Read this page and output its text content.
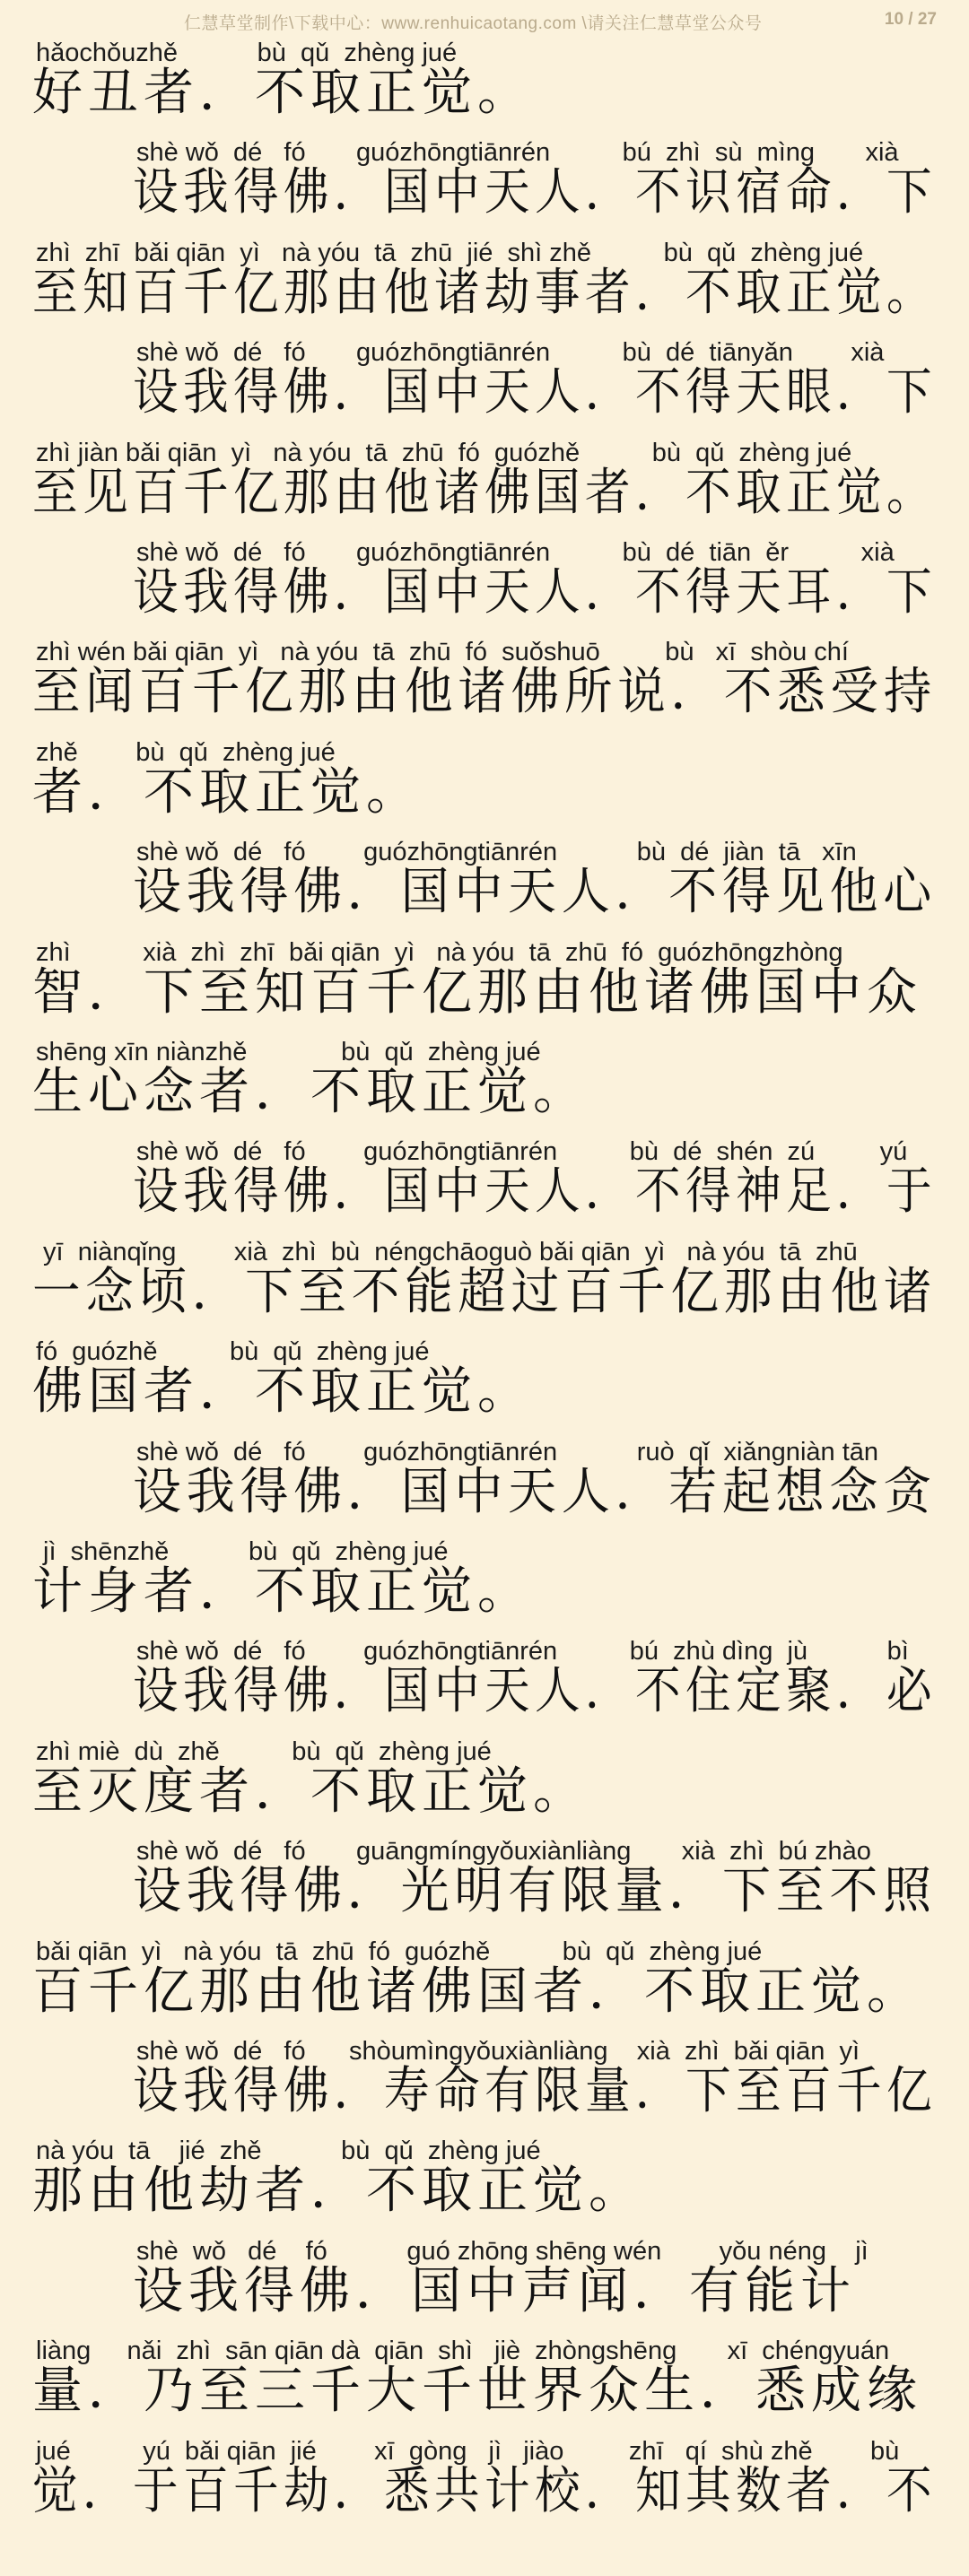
仁慧草堂制作\下载中心：www.renhuicaotang.com \请关注仁慧草堂公众号	10 / 27
hǎochǒuzhě           bù  qǔ  zhèng jué
好丑者．不取正觉。
shè wǒ  dé   fó       guózhōngtiānrén          bú  zhì  sù  mìng       xià
设我得佛．国中天人．不识宿命．下
zhì  zhī  bǎi qiān  yì   nà yóu  tā  zhū  jié  shì zhě          bù  qǔ  zhèng jué
至知百千亿那由他诸劫事者．不取正觉。
shè wǒ  dé   fó       guózhōngtiānrén          bù  dé  tiānyǎn        xià
设我得佛．国中天人．不得天眼．下
zhì jiàn bǎi qiān  yì   nà yóu  tā  zhū  fó  guózhě          bù  qǔ  zhèng jué
至见百千亿那由他诸佛国者．不取正觉。
shè wǒ  dé   fó       guózhōngtiānrén          bù  dé  tiān  ěr          xià
设我得佛．国中天人．不得天耳．下
zhì wén bǎi qiān  yì   nà yóu  tā  zhū  fó  suǒshuō         bù   xī  shòu chí
至闻百千亿那由他诸佛所说．不悉受持
zhě        bù  qǔ  zhèng jué
者．不取正觉。
shè wǒ  dé   fó        guózhōngtiānrén           bù  dé  jiàn  tā   xīn
设我得佛．国中天人．不得见他心
zhì          xià  zhì  zhī  bǎi qiān  yì   nà yóu  tā  zhū  fó  guózhōngzhòng
智．下至知百千亿那由他诸佛国中众
shēng xīn niànzhě             bù  qǔ  zhèng jué
生心念者．不取正觉。
shè wǒ  dé   fó        guózhōngtiānrén          bù  dé  shén  zú         yú
设我得佛．国中天人．不得神足．于
yī  niànqǐng        xià  zhì  bù  néngchāoguò bǎi qiān  yì   nà yóu  tā  zhū
一念顷．下至不能超过百千亿那由他诸
fó  guózhě          bù  qǔ  zhèng jué
佛国者．不取正觉。
shè wǒ  dé   fó        guózhōngtiānrén           ruò  qǐ  xiǎngniàn tān
设我得佛．国中天人．若起想念贪
jì  shēnzhě           bù  qǔ  zhèng jué
计身者．不取正觉。
shè wǒ  dé   fó        guózhōngtiānrén          bú  zhù dìng  jù           bì
设我得佛．国中天人．不住定聚．必
zhì miè  dù  zhě          bù  qǔ  zhèng jué
至灭度者．不取正觉。
shè wǒ  dé   fó       guāngmíngyǒuxiànliàng       xià  zhì  bú zhào
设我得佛．光明有限量．下至不照
bǎi qiān  yì   nà yóu  tā  zhū  fó  guózhě          bù  qǔ  zhèng jué
百千亿那由他诸佛国者．不取正觉。
shè wǒ  dé   fó      shòumìngyǒuxiànliàng    xià  zhì  bǎi qiān  yì
设我得佛．寿命有限量．下至百千亿
nà yóu  tā    jié  zhě           bù  qǔ  zhèng jué
那由他劫者．不取正觉。
shè  wǒ   dé    fó           guó zhōng shēng wén        yǒu néng    jì
设我得佛．国中声闻．有能计
liàng     nǎi  zhì  sān qiān dà  qiān  shì   jiè  zhòngshēng       xī  chéngyuán
量．乃至三千大千世界众生．悉成缘
jué          yú  bǎi qiān  jié        xī  gòng   jì   jiào         zhī   qí  shù zhě        bù
觉．于百千劫．悉共计校．知其数者．不
